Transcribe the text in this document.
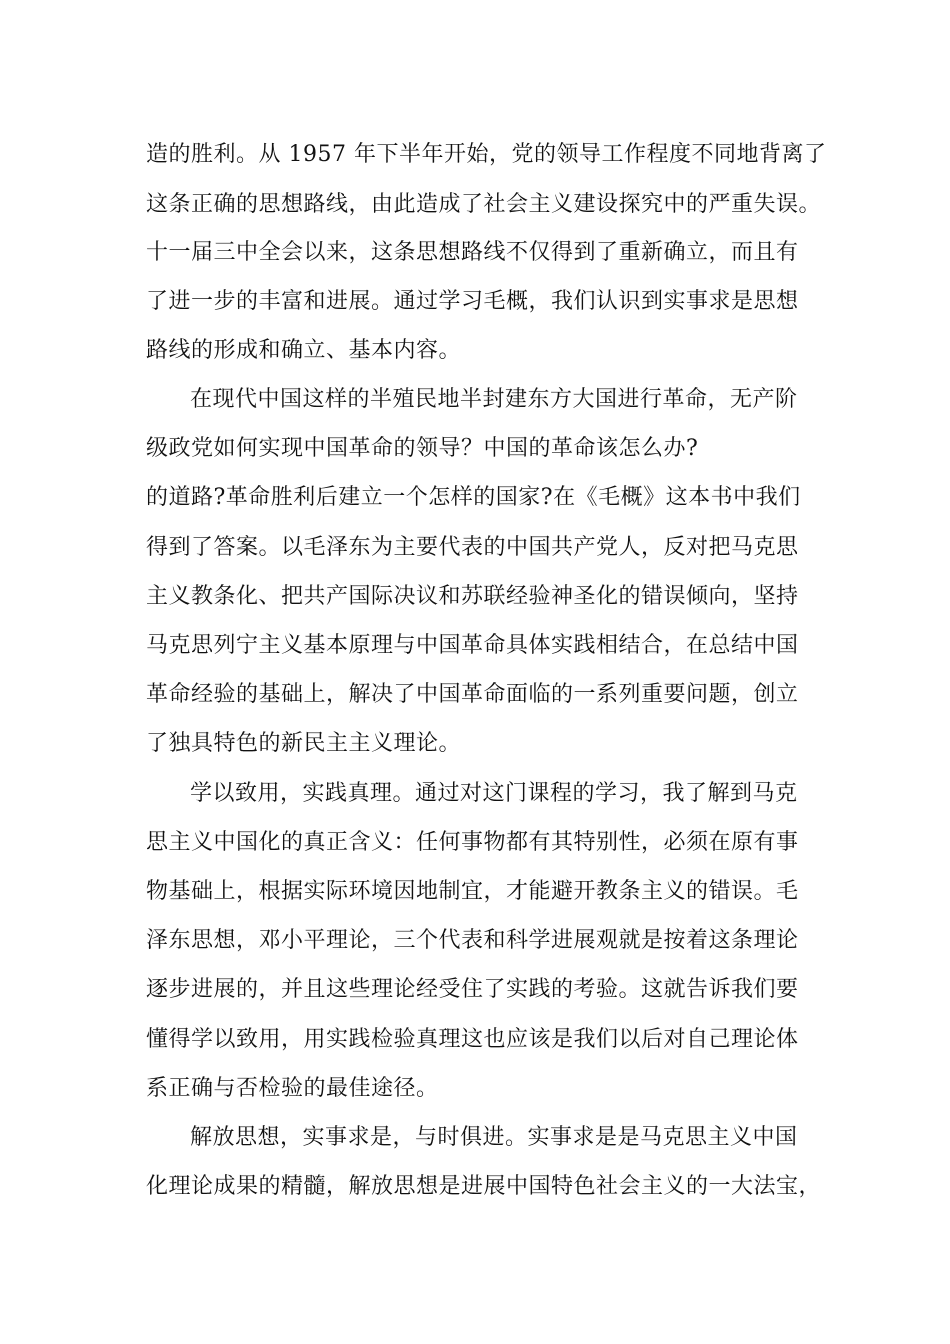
造的胜利。从 1957 年下半年开始，党的领导工作程度不同地背离了
这条正确的思想路线，由此造成了社会主义建设探究中的严重失误。
十一届三中全会以来，这条思想路线不仅得到了重新确立，而且有
了进一步的丰富和进展。通过学习毛概，我们认识到实事求是思想
路线的形成和确立、基本内容。
在现代中国这样的半殖民地半封建东方大国进行革命，无产阶
级政党如何实现中国革命的领导？中国的革命该怎么办?
的道路?革命胜利后建立一个怎样的国家?在《毛概》这本书中我们
得到了答案。以毛泽东为主要代表的中国共产党人，反对把马克思
主义教条化、把共产国际决议和苏联经验神圣化的错误倾向，坚持
马克思列宁主义基本原理与中国革命具体实践相结合，在总结中国
革命经验的基础上，解决了中国革命面临的一系列重要问题，创立
了独具特色的新民主主义理论。
学以致用，实践真理。通过对这门课程的学习，我了解到马克
思主义中国化的真正含义：任何事物都有其特别性，必须在原有事
物基础上，根据实际环境因地制宜，才能避开教条主义的错误。毛
泽东思想，邓小平理论，三个代表和科学进展观就是按着这条理论
逐步进展的，并且这些理论经受住了实践的考验。这就告诉我们要
懂得学以致用，用实践检验真理这也应该是我们以后对自己理论体
系正确与否检验的最佳途径。
解放思想，实事求是，与时俱进。实事求是是马克思主义中国
化理论成果的精髓，解放思想是进展中国特色社会主义的一大法宝，
